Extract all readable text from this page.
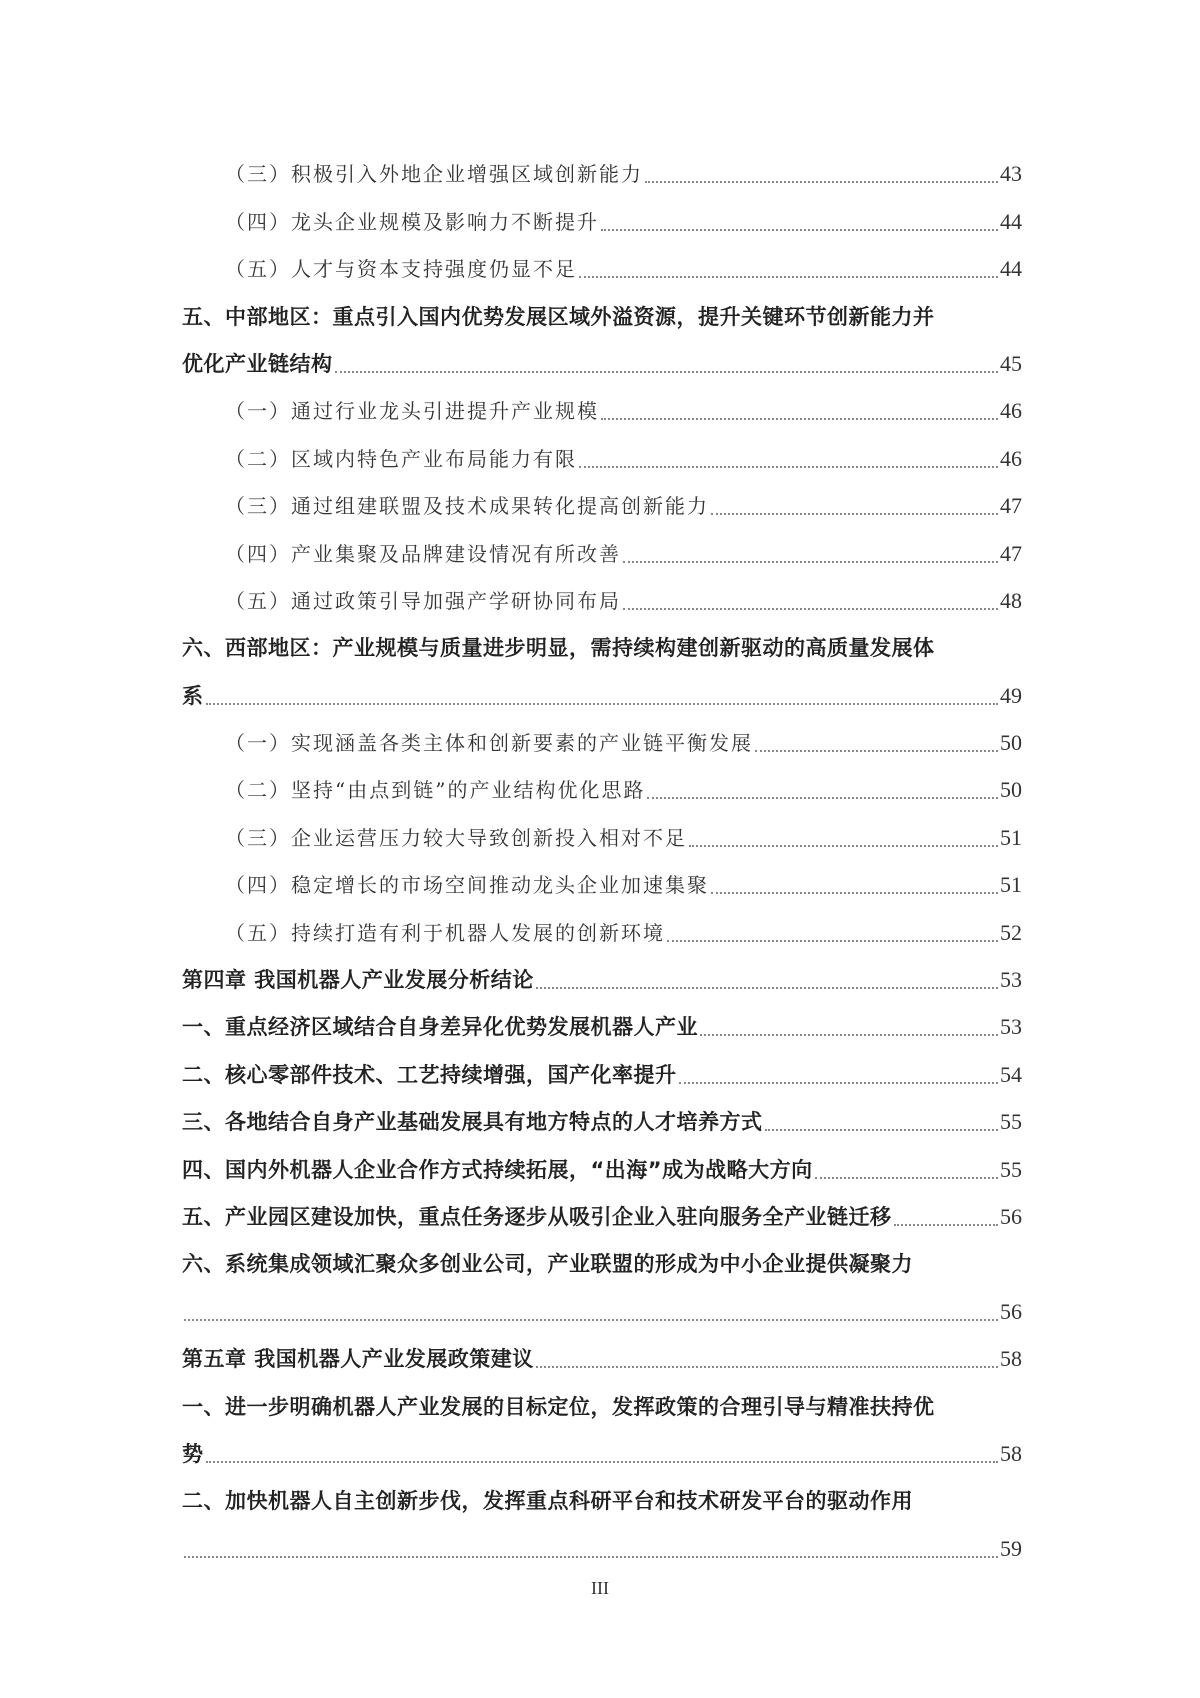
（三）积极引入外地企业增强区域创新能力	43
（四）龙头企业规模及影响力不断提升	44
（五）人才与资本支持强度仍显不足	44
五、中部地区：重点引入国内优势发展区域外溢资源，提升关键环节创新能力并
优化产业链结构	45
（一）通过行业龙头引进提升产业规模	46
（二）区域内特色产业布局能力有限	46
（三）通过组建联盟及技术成果转化提高创新能力	47
（四）产业集聚及品牌建设情况有所改善	47
（五）通过政策引导加强产学研协同布局	48
六、西部地区：产业规模与质量进步明显，需持续构建创新驱动的高质量发展体
系	49
（一）实现涵盖各类主体和创新要素的产业链平衡发展	50
（二）坚持“由点到链”的产业结构优化思路	50
（三）企业运营压力较大导致创新投入相对不足	51
（四）稳定增长的市场空间推动龙头企业加速集聚	51
（五）持续打造有利于机器人发展的创新环境	52
第四章 我国机器人产业发展分析结论	53
一、重点经济区域结合自身差异化优势发展机器人产业	53
二、核心零部件技术、工艺持续增强，国产化率提升	54
三、各地结合自身产业基础发展具有地方特点的人才培养方式	55
四、国内外机器人企业合作方式持续拓展，“出海”成为战略大方向	55
五、产业园区建设加快，重点任务逐步从吸引企业入驻向服务全产业链迁移	56
六、系统集成领域汇聚众多创业公司，产业联盟的形成为中小企业提供凝聚力
56
第五章 我国机器人产业发展政策建议	58
一、进一步明确机器人产业发展的目标定位，发挥政策的合理引导与精准扶持优
势	58
二、加快机器人自主创新步伐，发挥重点科研平台和技术研发平台的驱动作用
59
III
